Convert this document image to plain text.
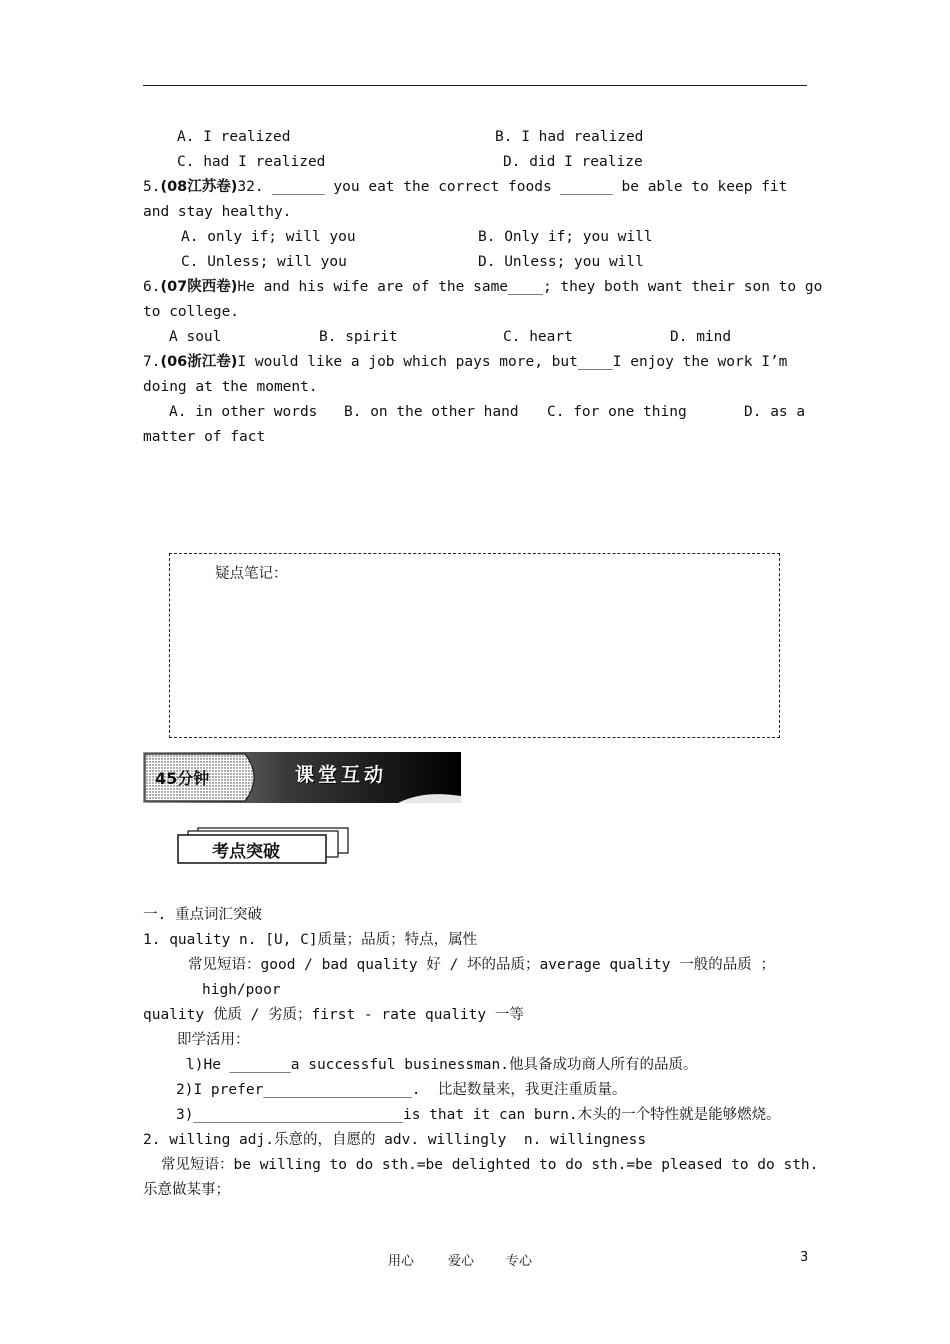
A. I realized	B. I had realized
C. had I realized	D. did I realize
5.(08江苏卷)32. ______ you eat the correct foods ______ be able to keep fit
and stay healthy.
A. only if; will you	B. Only if; you will
C. Unless; will you	D. Unless; you will
6.(07陕西卷)He and his wife are of the same____; they both want their son to go
to college.
A soul	B. spirit	C. heart	D. mind
7.(06浙江卷)I would like a job which pays more, but____I enjoy the work I’m
doing at the moment.
A. in other words B. on the other hand C. for one thing	D. as a
matter of fact
疑点笔记：
45分钟	课堂互动
考点突破
一. 重点词汇突破
1. quality n. [U, C]质量；品质；特点，属性
常见短语：good / bad quality 好 / 坏的品质；average quality 一般的品质 ；
high/poor
quality 优质 / 劣质；first - rate quality 一等
即学活用：
l)He _______a successful businessman.他具备成功商人所有的品质。
2)I prefer_________________.  比起数量来，我更注重质量。
3)________________________is that it can burn.木头的一个特性就是能够燃烧。
2. willing adj.乐意的，自愿的 adv. willingly  n. willingness
常见短语：be willing to do sth.=be delighted to do sth.=be pleased to do sth.
乐意做某事；
用心	爱心 专心	3
